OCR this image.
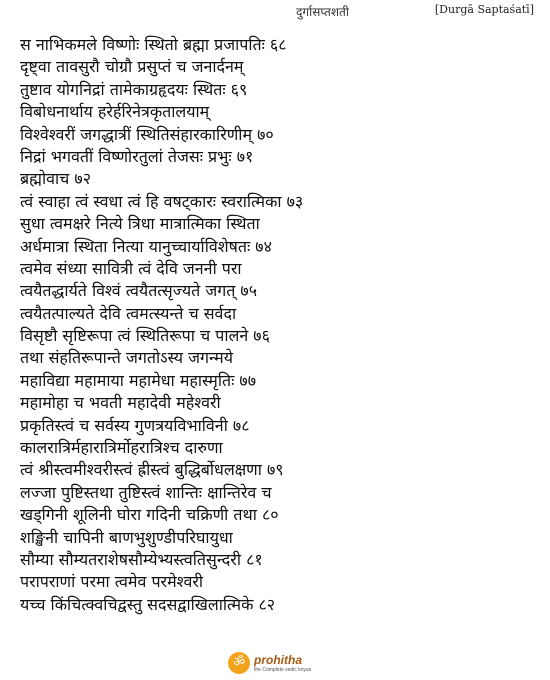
दुर्गासप्तशती	[Durgā Saptaśatī]
स नाभिकमले विष्णोः स्थितो ब्रह्मा प्रजापतिः ६८
दृष्ट्वा तावसुरौ चोग्रौ प्रसुप्तं च जनार्दनम्
तुष्टाव योगनिद्रां तामेकाग्रहृदयः स्थितः ६९
विबोधनार्थाय हरेर्हरिनेत्रकृतालयाम्
विश्वेश्वरीं जगद्धात्रीं स्थितिसंहारकारिणीम् ७०
निद्रां भगवतीं विष्णोरतुलां तेजसः प्रभुः ७१
ब्रह्मोवाच ७२
त्वं स्वाहा त्वं स्वधा त्वं हि वषट्कारः स्वरात्मिका ७३
सुधा त्वमक्षरे नित्ये त्रिधा मात्रात्मिका स्थिता
अर्धमात्रा स्थिता नित्या यानुच्चार्याविशेषतः ७४
त्वमेव संध्या सावित्री त्वं देवि जननी परा
त्वयैतद्धार्यते विश्वं त्वयैतत्सृज्यते जगत् ७५
त्वयैतत्पाल्यते देवि त्वमत्स्यन्ते च सर्वदा
विसृष्टौ सृष्टिरूपा त्वं स्थितिरूपा च पालने ७६
तथा संहतिरूपान्ते जगतोऽस्य जगन्मये
महाविद्या महामाया महामेधा महास्मृतिः ७७
महामोहा च भवती महादेवी महेश्वरी
प्रकृतिस्त्वं च सर्वस्य गुणत्रयविभाविनी ७८
कालरात्रिर्महारात्रिर्मोहरात्रिश्च दारुणा
त्वं श्रीस्त्वमीश्वरीस्त्वं ह्रीस्त्वं बुद्धिर्बोधलक्षणा ७९
लज्जा पुष्टिस्तथा तुष्टिस्त्वं शान्तिः क्षान्तिरेव च
खड्गिनी शूलिनी घोरा गदिनी चक्रिणी तथा ८०
शङ्खिनी चापिनी बाणभुशुण्डीपरिघायुधा
सौम्या सौम्यतराशेषसौम्येभ्यस्त्वतिसुन्दरी ८१
परापराणां परमा त्वमेव परमेश्वरी
यच्च किंचित्क्वचिद्वस्तु सदसद्वाखिलात्मिके ८२
ॐ prohitha
the Complete vedic kriyas
